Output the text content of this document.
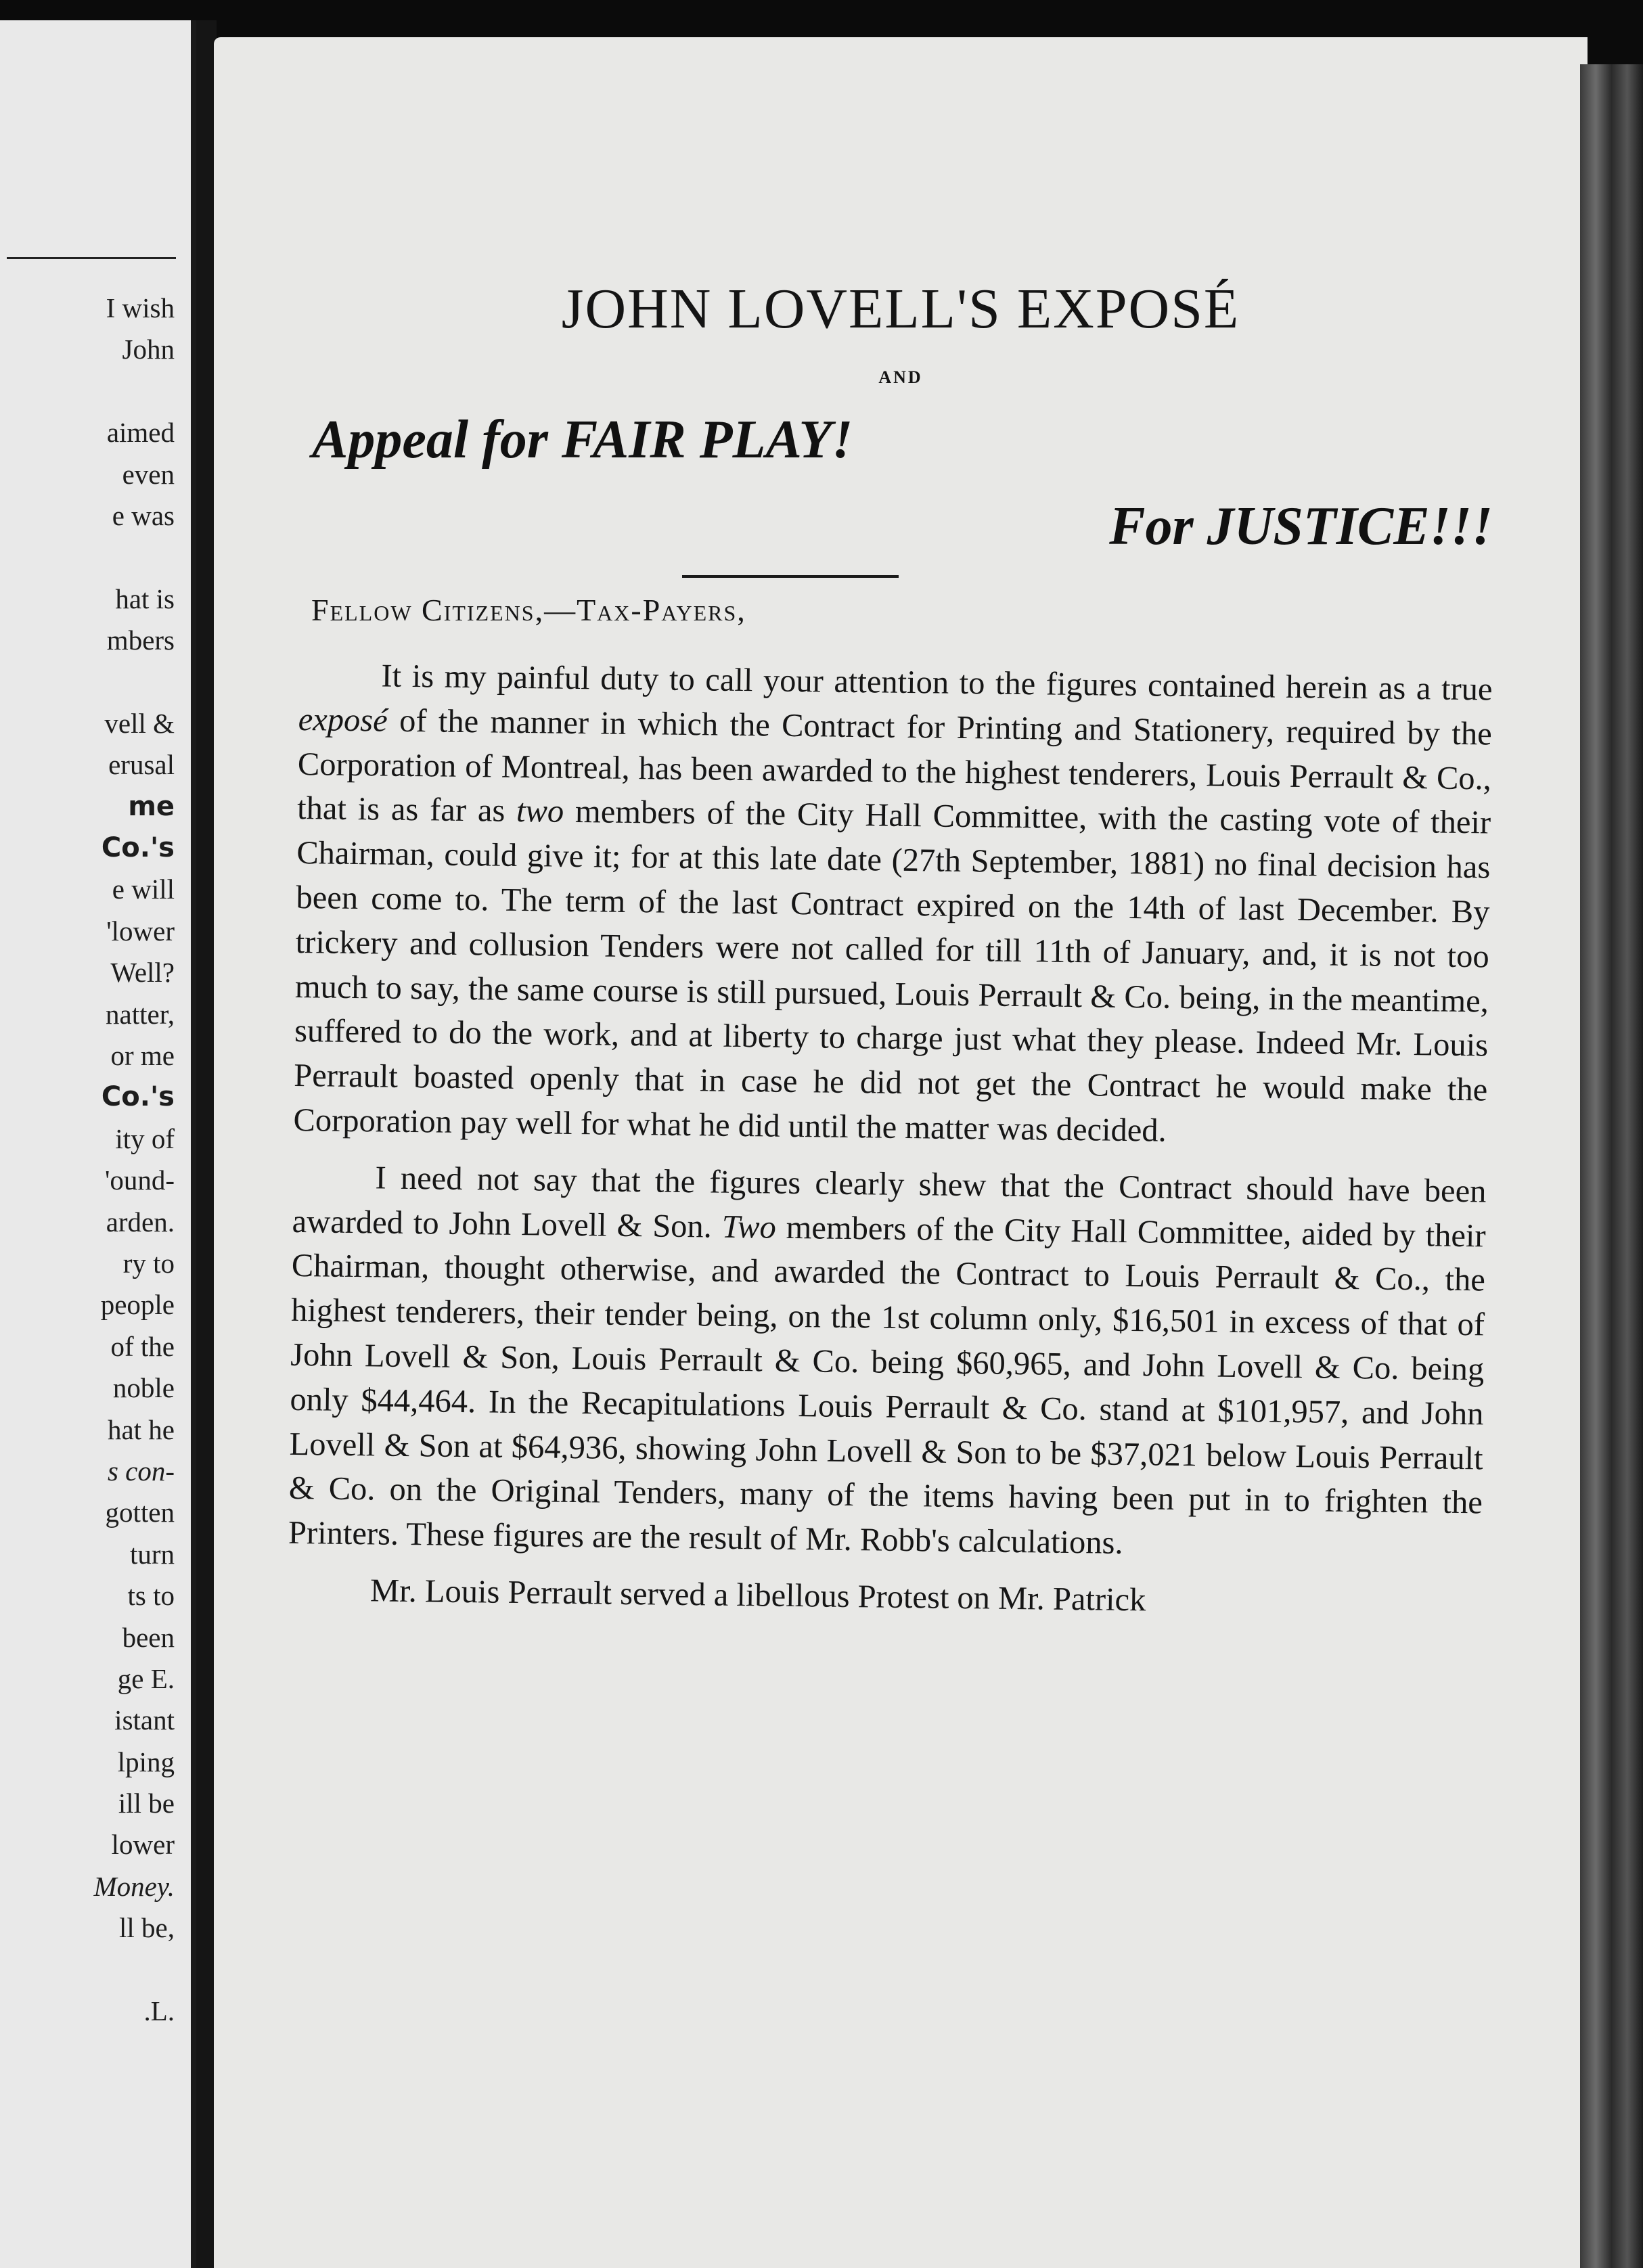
I wish
John
aimed
even
e was
hat is
mbers
vell &
erusal
me
Co.'s
e will
'lower
Well?
natter,
or me
Co.'s
ity of
'ound-
arden.
ry to
people
of the
noble
hat he
s con-
gotten
turn
ts to
been
ge E.
istant
lping
ill be
lower
Money.
ll be,
.L.
JOHN LOVELL'S EXPOSÉ
AND
Appeal for FAIR PLAY!
For JUSTICE!!!
Fellow Citizens,—Tax-Payers,

It is my painful duty to call your attention to the figures contained herein as a true exposé of the manner in which the Contract for Printing and Stationery, required by the Corporation of Montreal, has been awarded to the highest tenderers, Louis Perrault & Co., that is as far as two members of the City Hall Committee, with the casting vote of their Chairman, could give it; for at this late date (27th September, 1881) no final decision has been come to. The term of the last Contract expired on the 14th of last December. By trickery and collusion Tenders were not called for till 11th of January, and, it is not too much to say, the same course is still pursued, Louis Perrault & Co. being, in the meantime, suffered to do the work, and at liberty to charge just what they please. Indeed Mr. Louis Perrault boasted openly that in case he did not get the Contract he would make the Corporation pay well for what he did until the matter was decided.

I need not say that the figures clearly shew that the Contract should have been awarded to John Lovell & Son. Two members of the City Hall Committee, aided by their Chairman, thought otherwise, and awarded the Contract to Louis Perrault & Co., the highest tenderers, their tender being, on the 1st column only, $16,501 in excess of that of John Lovell & Son, Louis Perrault & Co. being $60,965, and John Lovell & Co. being only $44,464. In the Recapitulations Louis Perrault & Co. stand at $101,957, and John Lovell & Son at $64,936, showing John Lovell & Son to be $37,021 below Louis Perrault & Co. on the Original Tenders, many of the items having been put in to frighten the Printers. These figures are the result of Mr. Robb's calculations.

Mr. Louis Perrault served a libellous Protest on Mr. Patrick
